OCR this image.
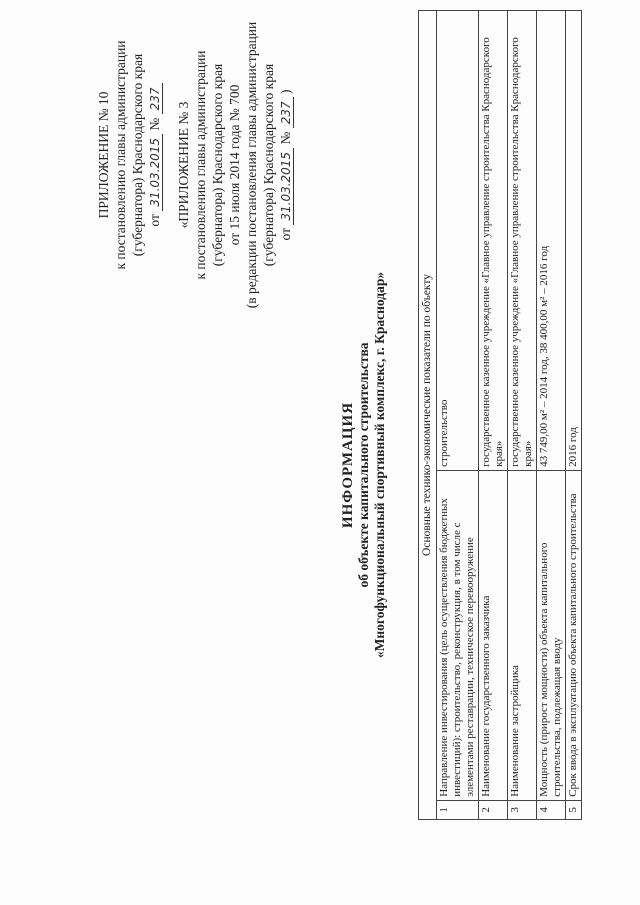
ПРИЛОЖЕНИЕ № 10 к постановлению главы администрации (губернатора) Краснодарского края от 31.03.2015 № 237
«ПРИЛОЖЕНИЕ № 3 к постановлению главы администрации (губернатора) Краснодарского края от 15 июля 2014 года № 700 (в редакции постановления главы администрации (губернатора) Краснодарского края от 31.03.2015 № 237 )
ИНФОРМАЦИЯ об объекте капитального строительства «Многофункциональный спортивный комплекс, г. Краснодар»	Основные технико-экономические показатели по объекту		
1	Направление инвестирования (цель осуществления бюджетных инвестиций): строительство, реконструкция, в том числе с элементами реставрации, техническое перевооружение	строительство
2	Наименование государственного заказчика	государственное казенное учреждение «Главное управление строительства Краснодарского края»
3	Наименование застройщика	государственное казенное учреждение «Главное управление строительства Краснодарского края»
4	Мощность (прирост мощности) объекта капитального строительства, подлежащая вводу	43 749,00 м² – 2014 год, 38 400,00 м² – 2016 год
5	Срок ввода в эксплуатацию объекта капитального строительства	2016 год
